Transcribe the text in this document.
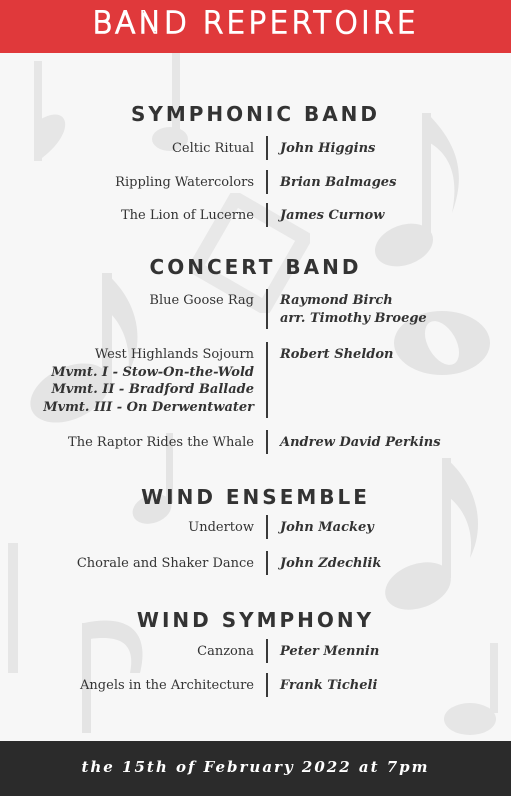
BAND REPERTOIRE
SYMPHONIC BAND
Celtic Ritual John Higgins
Rippling Watercolors Brian Balmages
The Lion of Lucerne James Curnow
CONCERT BAND
Blue Goose Rag Raymond Birch
arr. Timothy Broege
West Highlands Sojourn
Mvmt. I - Stow-On-the-Wold
Mvmt. II - Bradford Ballade
Mvmt. III - On Derwentwater
Robert Sheldon
The Raptor Rides the Whale Andrew David Perkins
WIND ENSEMBLE
Undertow John Mackey
Chorale and Shaker Dance John Zdechlik
WIND SYMPHONY
Canzona Peter Mennin
Angels in the Architecture Frank Ticheli
the 15th of February 2022 at 7pm
